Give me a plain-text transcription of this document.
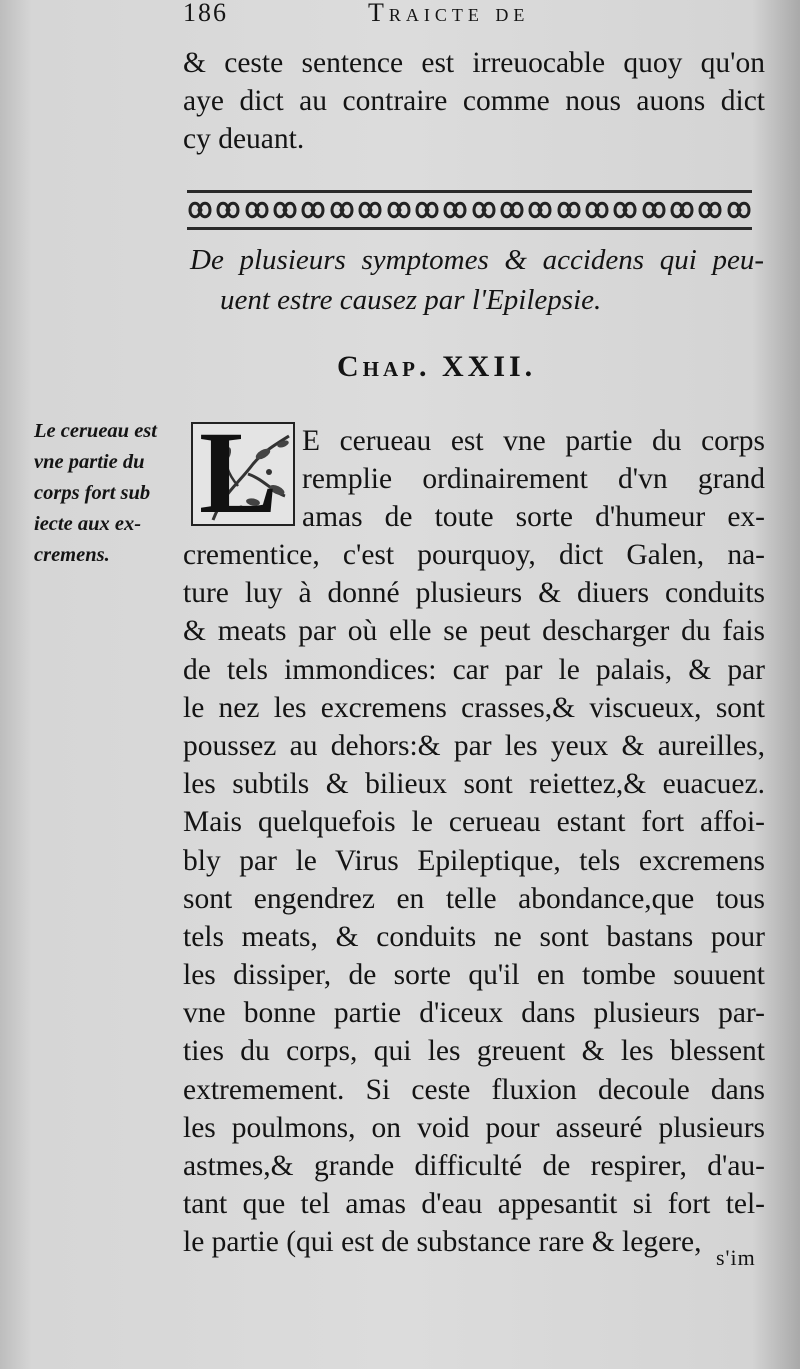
186	Traicte de
& ceste sentence est irreuocable quoy qu'on
aye dict au contraire comme nous auons dict
cy deuant.
De plusieurs symptomes & accidens qui peu-
uent estre causez par l'Epilepsie.
Chap. XXII.
Le cerueau est
vne partie du
corps fort sub
iecte aux ex-
cremens.
L E cerueau est vne partie du corps
remplie ordinairement d'vn grand
amas de toute sorte d'humeur ex-
crementice, c'est pourquoy, dict Galen, na-
ture luy à donné plusieurs & diuers conduits
& meats par où elle se peut descharger du fais
de tels immondices: car par le palais, & par
le nez les excremens crasses,& viscueux, sont
poussez au dehors:& par les yeux & aureilles,
les subtils & bilieux sont reiettez,& euacuez.
Mais quelquefois le cerueau estant fort affoi-
bly par le Virus Epileptique, tels excremens
sont engendrez en telle abondance,que tous
tels meats, & conduits ne sont bastans pour
les dissiper, de sorte qu'il en tombe souuent
vne bonne partie d'iceux dans plusieurs par-
ties du corps, qui les greuent & les blessent
extremement. Si ceste fluxion decoule dans
les poulmons, on void pour asseuré plusieurs
astmes,& grande difficulté de respirer, d'au-
tant que tel amas d'eau appesantit si fort tel-
le partie (qui est de substance rare & legere, s'im
